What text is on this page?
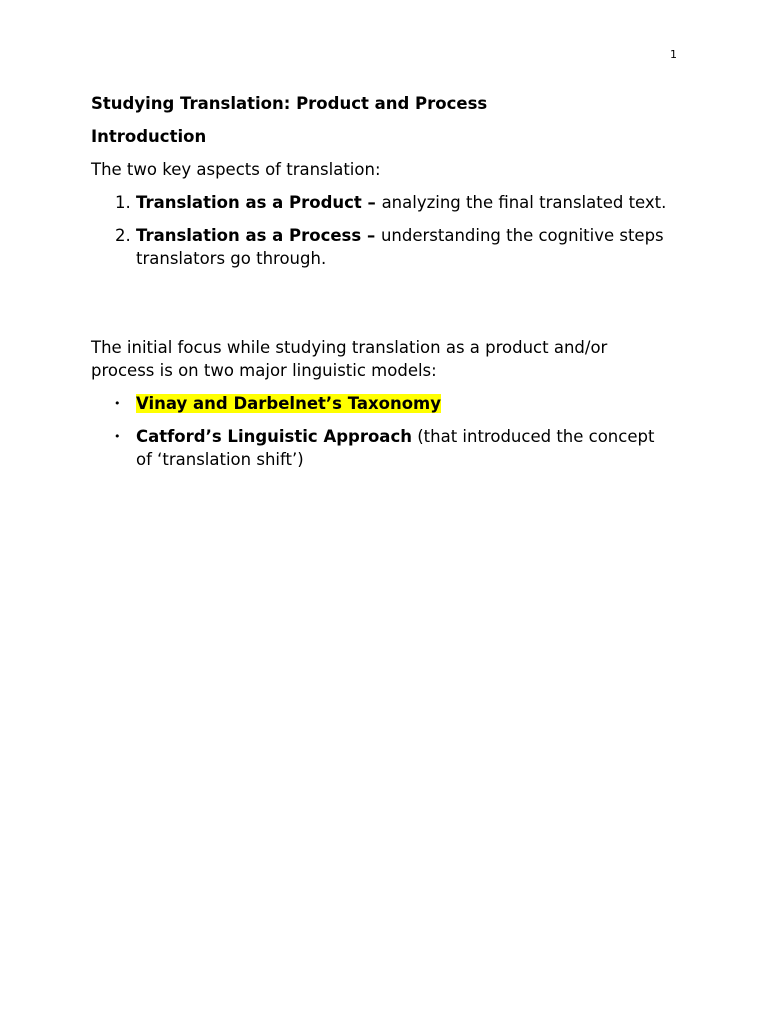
1

Studying Translation: Product and Process

Introduction

The two key aspects of translation:

1. Translation as a Product – analyzing the final translated text.
2. Translation as a Process – understanding the cognitive steps translators go through.

The initial focus while studying translation as a product and/or process is on two major linguistic models:

• Vinay and Darbelnet’s Taxonomy
• Catford’s Linguistic Approach (that introduced the concept of ‘translation shift’)
